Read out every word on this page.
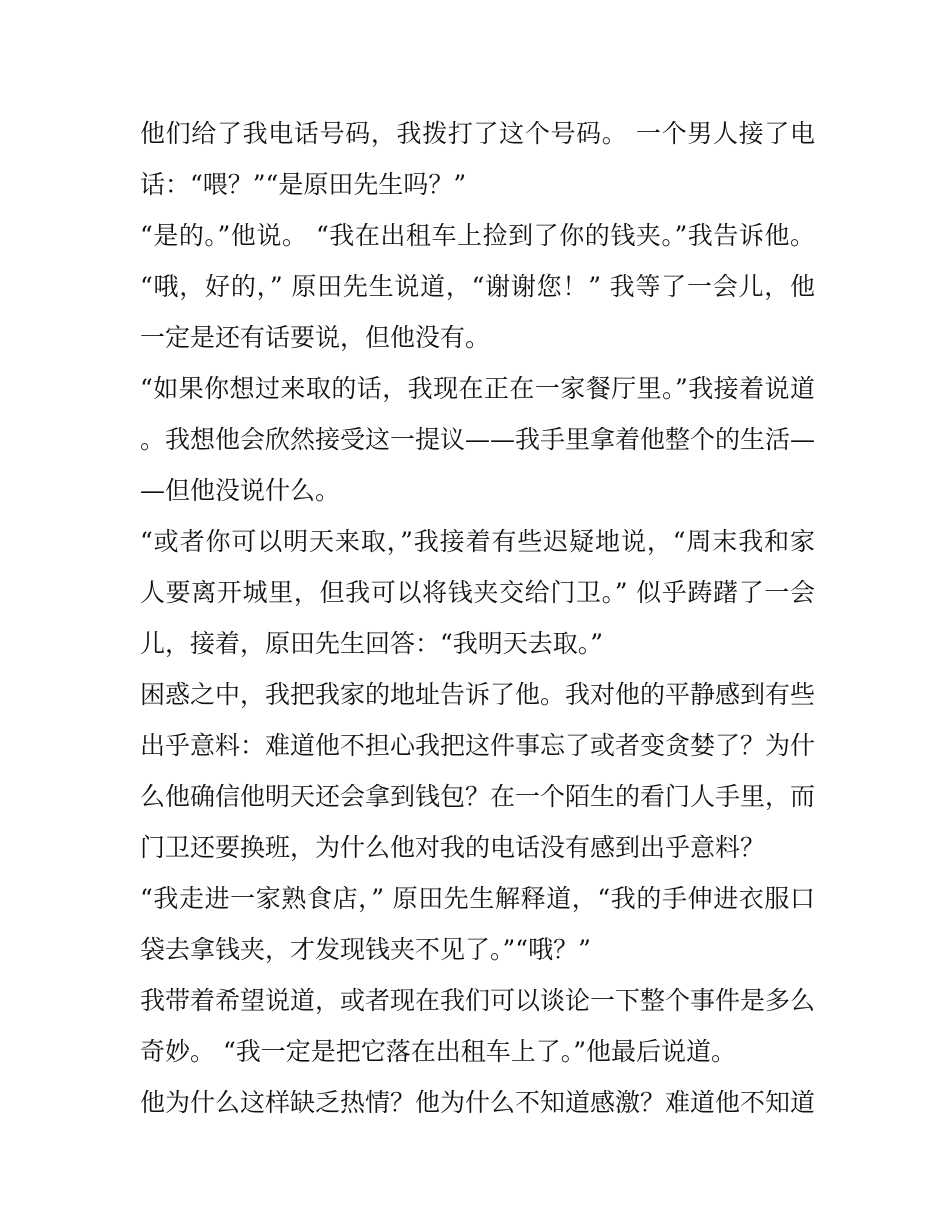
他们给了我电话号码，我拨打了这个号码。 一个男人接了电话：“喂？”“是原田先生吗？”

“是的。”他说。 “我在出租车上捡到了你的钱夹。”我告诉他。 “哦，好的，” 原田先生说道，“谢谢您！” 我等了一会儿，他一定是还有话要说，但他没有。

“如果你想过来取的话，我现在正在一家餐厅里。”我接着说道。我想他会欣然接受这一提议——我手里拿着他整个的生活——但他没说什么。

“或者你可以明天来取，”我接着有些迟疑地说，“周末我和家人要离开城里，但我可以将钱夹交给门卫。” 似乎踌躇了一会儿，接着，原田先生回答：“我明天去取。”

困惑之中，我把我家的地址告诉了他。我对他的平静感到有些出乎意料：难道他不担心我把这件事忘了或者变贪婪了？为什么他确信他明天还会拿到钱包？在一个陌生的看门人手里，而门卫还要换班，为什么他对我的电话没有感到出乎意料？

“我走进一家熟食店，” 原田先生解释道，“我的手伸进衣服口袋去拿钱夹，才发现钱夹不见了。”“哦？”

我带着希望说道，或者现在我们可以谈论一下整个事件是多么奇妙。 “我一定是把它落在出租车上了。”他最后说道。

他为什么这样缺乏热情？他为什么不知道感激？难道他不知道
